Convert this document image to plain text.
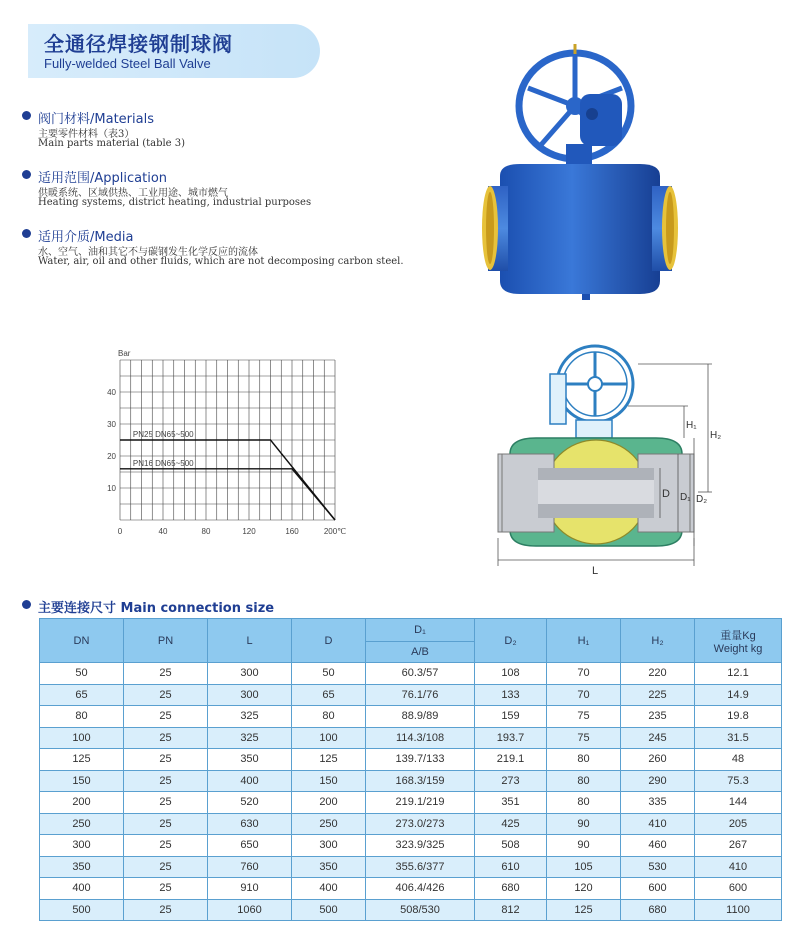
全通径焊接钢制球阀
Fully-welded Steel Ball Valve
阀门材料/Materials
主要零件材料（表3）
Main parts material (table 3)
适用范围/Application
供暖系统、区域供热、工业用途、城市燃气
Heating systems, district heating, industrial purposes
适用介质/Media
水、空气、油和其它不与碳钢发生化学反应的流体
Water, air, oil and other fluids, which are not decomposing carbon steel.
Bar
10
20
30
40
0	40	80	120	160	200℃
PN25 DN65~500
PN16 DN65~500
L
D D₁ D₂
H₁
H₂
主要连接尺寸 Main connection size
DN	PN	L	D	D₁	D₂	H₁	H₂	重量Kg
Weight kg

				A/B				
50	25	300	50	60.3/57	108	70	220	12.1
65	25	300	65	76.1/76	133	70	225	14.9
80	25	325	80	88.9/89	159	75	235	19.8
100	25	325	100	114.3/108	193.7	75	245	31.5
125	25	350	125	139.7/133	219.1	80	260	48
150	25	400	150	168.3/159	273	80	290	75.3
200	25	520	200	219.1/219	351	80	335	144
250	25	630	250	273.0/273	425	90	410	205
300	25	650	300	323.9/325	508	90	460	267
350	25	760	350	355.6/377	610	105	530	410
400	25	910	400	406.4/426	680	120	600	600
500	25	1060	500	508/530	812	125	680	1100
